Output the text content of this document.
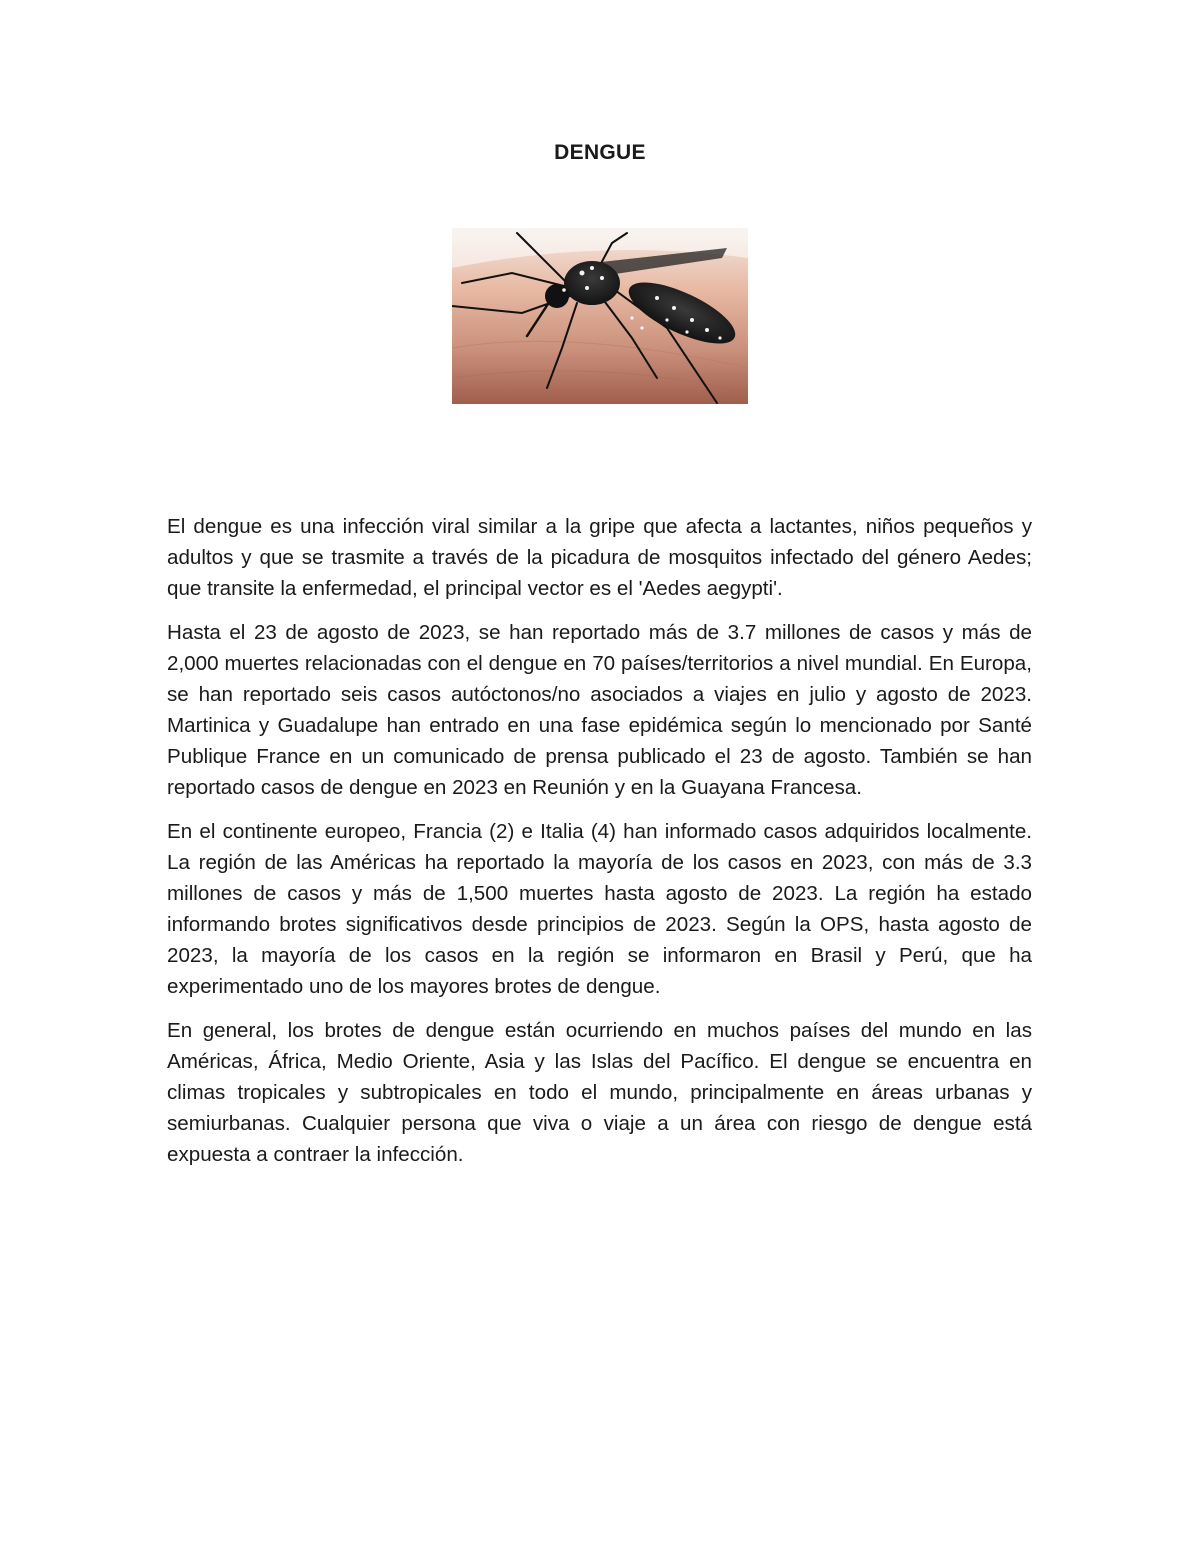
DENGUE

El dengue es una infección viral similar a la gripe que afecta a lactantes, niños pequeños y adultos y que se trasmite a través de la picadura de mosquitos infectado del género Aedes; que transite la enfermedad, el principal vector es el 'Aedes aegypti'.

Hasta el 23 de agosto de 2023, se han reportado más de 3.7 millones de casos y más de 2,000 muertes relacionadas con el dengue en 70 países/territorios a nivel mundial. En Europa, se han reportado seis casos autóctonos/no asociados a viajes en julio y agosto de 2023. Martinica y Guadalupe han entrado en una fase epidémica según lo mencionado por Santé Publique France en un comunicado de prensa publicado el 23 de agosto. También se han reportado casos de dengue en 2023 en Reunión y en la Guayana Francesa.

En el continente europeo, Francia (2) e Italia (4) han informado casos adquiridos localmente. La región de las Américas ha reportado la mayoría de los casos en 2023, con más de 3.3 millones de casos y más de 1,500 muertes hasta agosto de 2023. La región ha estado informando brotes significativos desde principios de 2023. Según la OPS, hasta agosto de 2023, la mayoría de los casos en la región se informaron en Brasil y Perú, que ha experimentado uno de los mayores brotes de dengue.

En general, los brotes de dengue están ocurriendo en muchos países del mundo en las Américas, África, Medio Oriente, Asia y las Islas del Pacífico. El dengue se encuentra en climas tropicales y subtropicales en todo el mundo, principalmente en áreas urbanas y semiurbanas. Cualquier persona que viva o viaje a un área con riesgo de dengue está expuesta a contraer la infección.
